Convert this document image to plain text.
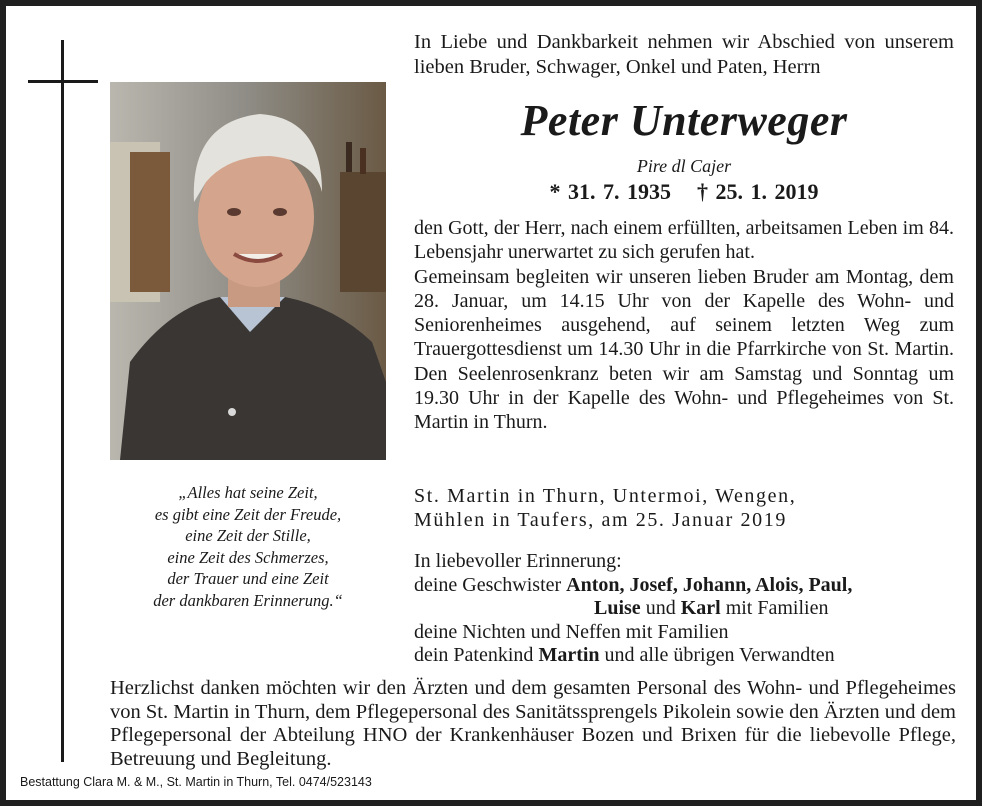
„Alles hat seine Zeit,
es gibt eine Zeit der Freude,
eine Zeit der Stille,
eine Zeit des Schmerzes,
der Trauer und eine Zeit
der dankbaren Erinnerung.“
In Liebe und Dankbarkeit nehmen wir Abschied von unserem lieben Bruder, Schwager, Onkel und Paten, Herrn
Peter Unterweger
Pire dl Cajer
* 31. 7. 1935 † 25. 1. 2019

den Gott, der Herr, nach einem erfüllten, arbeitsamen Leben im 84. Lebensjahr unerwartet zu sich gerufen hat.

Gemeinsam begleiten wir unseren lieben Bruder am Montag, dem 28. Januar, um 14.15 Uhr von der Kapelle des Wohn- und Seniorenheimes ausgehend, auf seinem letzten Weg zum Trauergottesdienst um 14.30 Uhr in die Pfarrkirche von St. Martin. Den Seelenrosenkranz beten wir am Samstag und Sonntag um 19.30 Uhr in der Kapelle des Wohn- und Pflegeheimes von St. Martin in Thurn.

St. Martin in Thurn, Untermoi, Wengen,
Mühlen in Taufers, am 25. Januar 2019
In liebevoller Erinnerung:
deine Geschwister Anton, Josef, Johann, Alois, Paul,
Luise und Karl mit Familien
deine Nichten und Neffen mit Familien
dein Patenkind Martin und alle übrigen Verwandten
Herzlichst danken möchten wir den Ärzten und dem gesamten Personal des Wohn- und Pflegeheimes von St. Martin in Thurn, dem Pflegepersonal des Sanitätssprengels Pikolein sowie den Ärzten und dem Pflegepersonal der Abteilung HNO der Krankenhäuser Bozen und Brixen für die liebevolle Pflege, Betreuung und Begleitung.
Bestattung Clara M. & M., St. Martin in Thurn, Tel. 0474/523143
